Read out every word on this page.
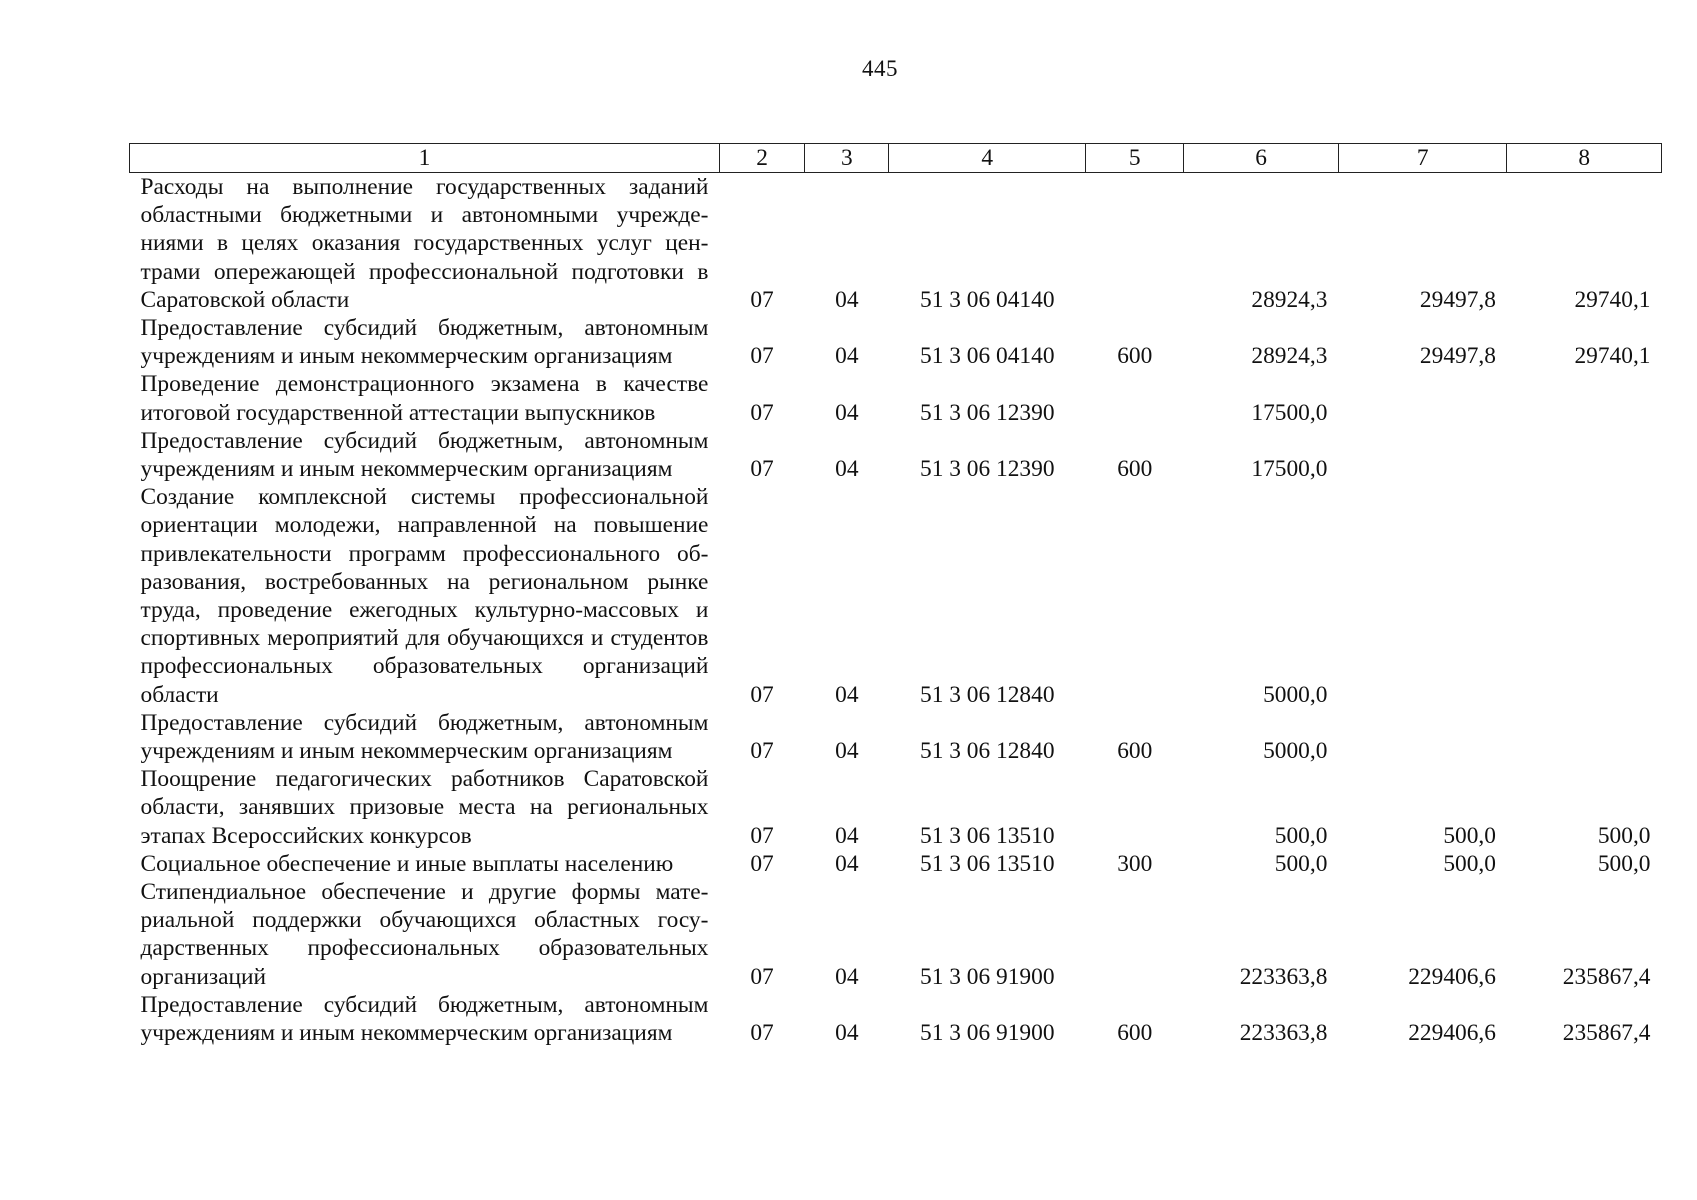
445
1	2	3	4	5	6	7	8
Расходы на выполнение государственных заданий областными бюджетными и автономными учреждениями в целях оказания государственных услуг центрами опережающей профессиональной подготовки в Саратовской области	07	04	51 3 06 04140		28924,3	29497,8	29740,1
Предоставление субсидий бюджетным, автономным учреждениям и иным некоммерческим организациям	07	04	51 3 06 04140	600	28924,3	29497,8	29740,1
Проведение демонстрационного экзамена в качестве итоговой государственной аттестации выпускников	07	04	51 3 06 12390		17500,0		
Предоставление субсидий бюджетным, автономным учреждениям и иным некоммерческим организациям	07	04	51 3 06 12390	600	17500,0		
Создание комплексной системы профессиональной ориентации молодежи, направленной на повышение привлекательности программ профессионального образования, востребованных на региональном рынке труда, проведение ежегодных культурно-массовых и спортивных мероприятий для обучающихся и студентов профессиональных образовательных организаций области	07	04	51 3 06 12840		5000,0		
Предоставление субсидий бюджетным, автономным учреждениям и иным некоммерческим организациям	07	04	51 3 06 12840	600	5000,0		
Поощрение педагогических работников Саратовской области, занявших призовые места на региональных этапах Всероссийских конкурсов	07	04	51 3 06 13510		500,0	500,0	500,0
Социальное обеспечение и иные выплаты населению	07	04	51 3 06 13510	300	500,0	500,0	500,0
Стипендиальное обеспечение и другие формы материальной поддержки обучающихся областных государственных профессиональных образовательных организаций	07	04	51 3 06 91900		223363,8	229406,6	235867,4
Предоставление субсидий бюджетным, автономным учреждениям и иным некоммерческим организациям	07	04	51 3 06 91900	600	223363,8	229406,6	235867,4
